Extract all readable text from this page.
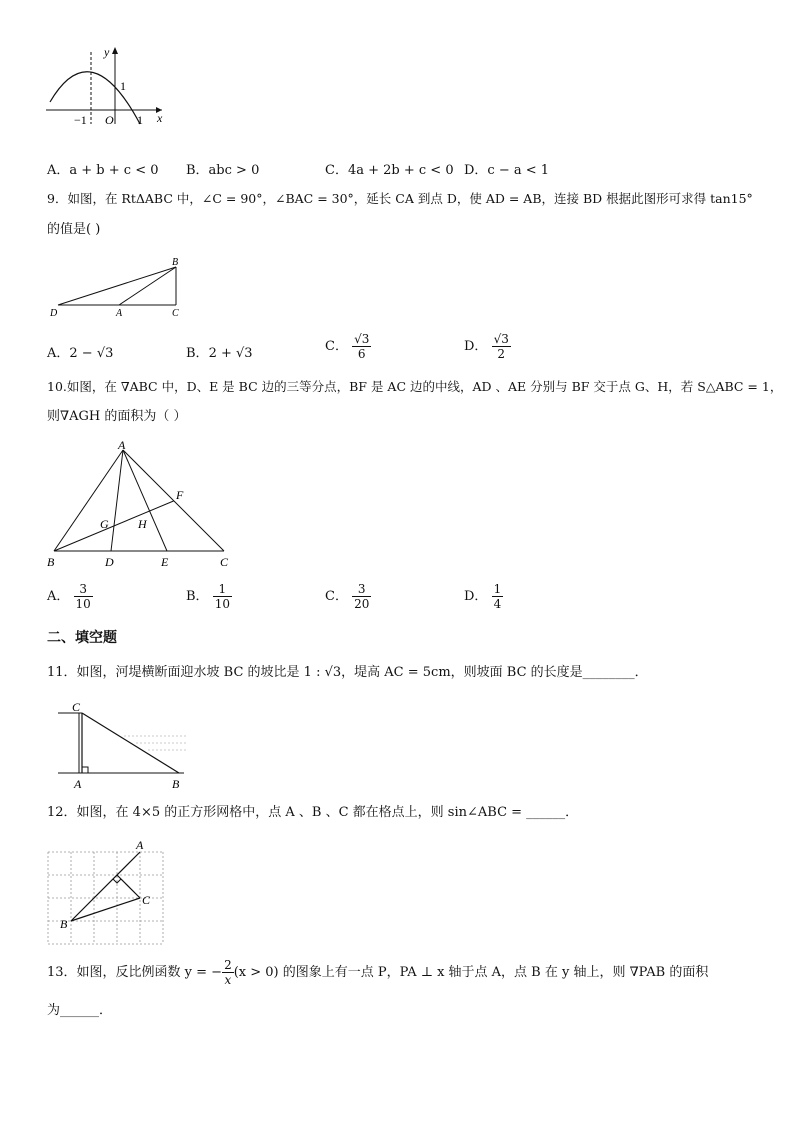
y
x
O
−1	1
1
A．a + b + c < 0 B．abc > 0	C．4a + 2b + c < 0 D．c − a < 1
9．如图，在 RtΔABC 中，∠C = 90°，∠BAC = 30°，延长 CA 到点 D，使 AD = AB，连接 BD 根据此图形可求得 tan15°
的值是( )
B
D	A	C
A．2 − √3	B．2 + √3	C． $\frac{√3}{6}$	D． $\frac{√3}{2}$
10.如图，在 ∇ABC 中，D、E 是 BC 边的三等分点，BF 是 AC 边的中线，AD 、AE 分别与 BF 交于点 G、H，若 S△ABC = 1，
则∇AGH 的面积为（ ）
A
B	C
D	E
F
G H
A． $\frac{3}{10}$	B． $\frac{1}{10}$	C． $\frac{3}{20}$	D． $\frac{1}{4}$
二、填空题
11．如图，河堤横断面迎水坡 BC 的坡比是 1 : √3，堤高 AC = 5cm，则坡面 BC 的长度是________．
C
A	B
12．如图，在 4×5 的正方形网格中，点 A 、B 、C 都在格点上，则 sin∠ABC = ______．
A
B
C
13．如图，反比例函数 y = − $\frac{2}{x} (x > 0)$ 的图象上有一点 P，PA ⊥ x 轴于点 A，点 B 在 y 轴上，则 ∇PAB 的面积
为______．
